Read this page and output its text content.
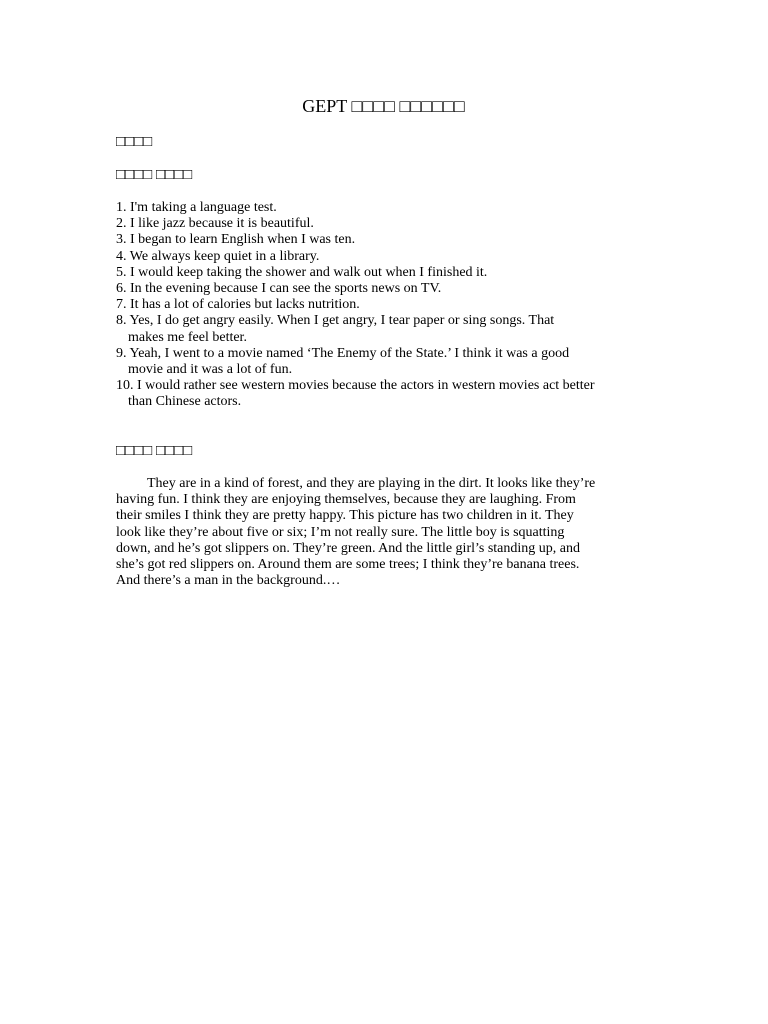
GEPT □□□□ □□□□□□
□□□□
□□□□ □□□□
1. I'm taking a language test.
2. I like jazz because it is beautiful.
3. I began to learn English when I was ten.
4. We always keep quiet in a library.
5. I would keep taking the shower and walk out when I finished it.
6. In the evening because I can see the sports news on TV.
7. It has a lot of calories but lacks nutrition.
8. Yes, I do get angry easily. When I get angry, I tear paper or sing songs. That
makes me feel better.
9. Yeah, I went to a movie named ‘The Enemy of the State.’ I think it was a good
movie and it was a lot of fun.
10. I would rather see western movies because the actors in western movies act better
than Chinese actors.
□□□□ □□□□
They are in a kind of forest, and they are playing in the dirt. It looks like they’re
having fun. I think they are enjoying themselves, because they are laughing. From
their smiles I think they are pretty happy. This picture has two children in it. They
look like they’re about five or six; I’m not really sure. The little boy is squatting
down, and he’s got slippers on. They’re green. And the little girl’s standing up, and
she’s got red slippers on. Around them are some trees; I think they’re banana trees.
And there’s a man in the background.…
